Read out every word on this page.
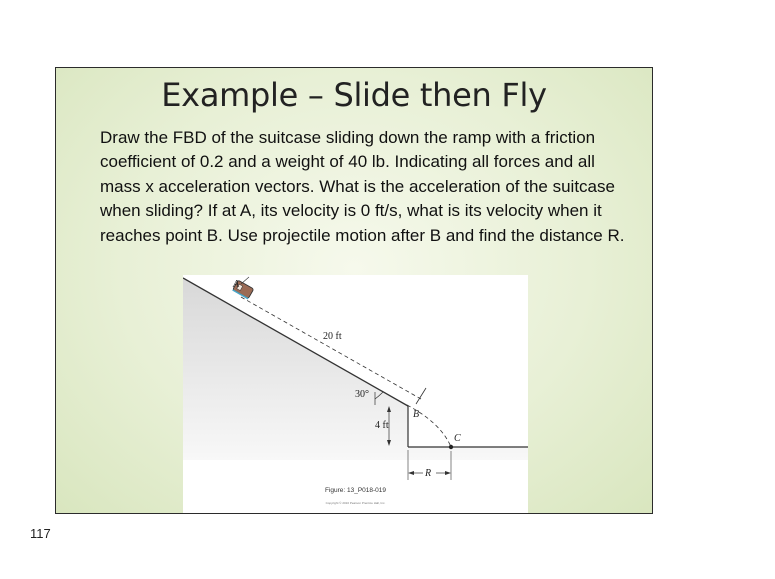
Example – Slide then Fly
Draw the FBD of the suitcase sliding down the ramp with a friction coefficient of 0.2 and a weight of 40 lb. Indicating all forces and all mass x acceleration vectors. What is the acceleration of the suitcase when sliding? If at A, its velocity is 0 ft/s, what is its velocity when it reaches point B. Use projectile motion after B and find the distance R.
A
20 ft
30°
4 ft
B
C
R
Figure: 13_P018-019
Copyright © 2010 Pearson Prentice Hall, Inc.
117
